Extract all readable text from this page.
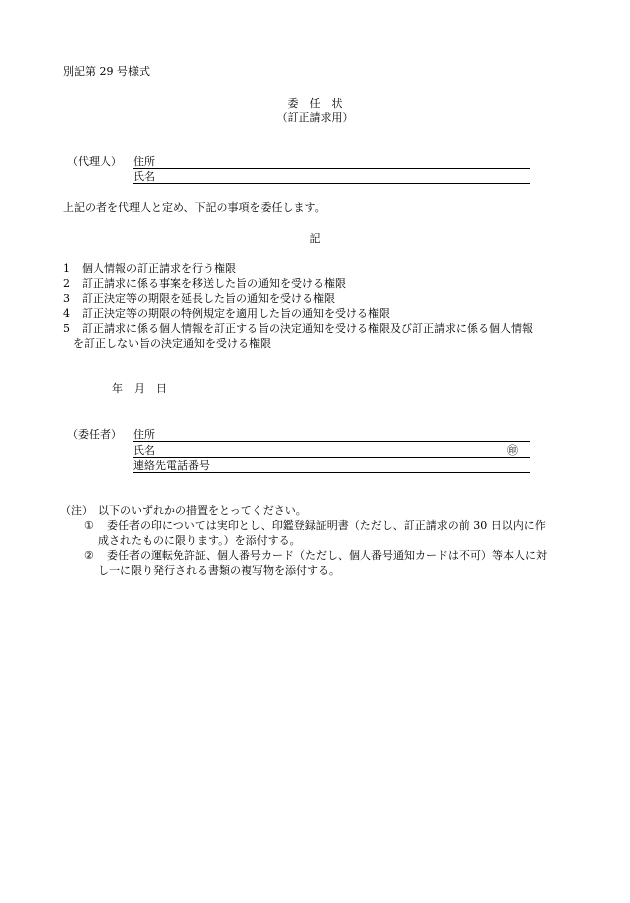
別記第 29 号様式
委　任　状
（訂正請求用）
（代理人） 住所
氏名
上記の者を代理人と定め、下記の事項を委任します。
記
1 個人情報の訂正請求を行う権限
2 訂正請求に係る事案を移送した旨の通知を受ける権限
3 訂正決定等の期限を延長した旨の通知を受ける権限
4 訂正決定等の期限の特例規定を適用した旨の通知を受ける権限
5 訂正請求に係る個人情報を訂正する旨の決定通知を受ける権限及び訂正請求に係る個人情報
を訂正しない旨の決定通知を受ける権限
年 月 日
（委任者） 住所
氏名	㊞
連絡先電話番号
（注） 以下のいずれかの措置をとってください。
① 委任者の印については実印とし、印鑑登録証明書（ただし、訂正請求の前 30 日以内に作
成されたものに限ります。）を添付する。
② 委任者の運転免許証、個人番号カード（ただし、個人番号通知カードは不可）等本人に対
し一に限り発行される書類の複写物を添付する。
